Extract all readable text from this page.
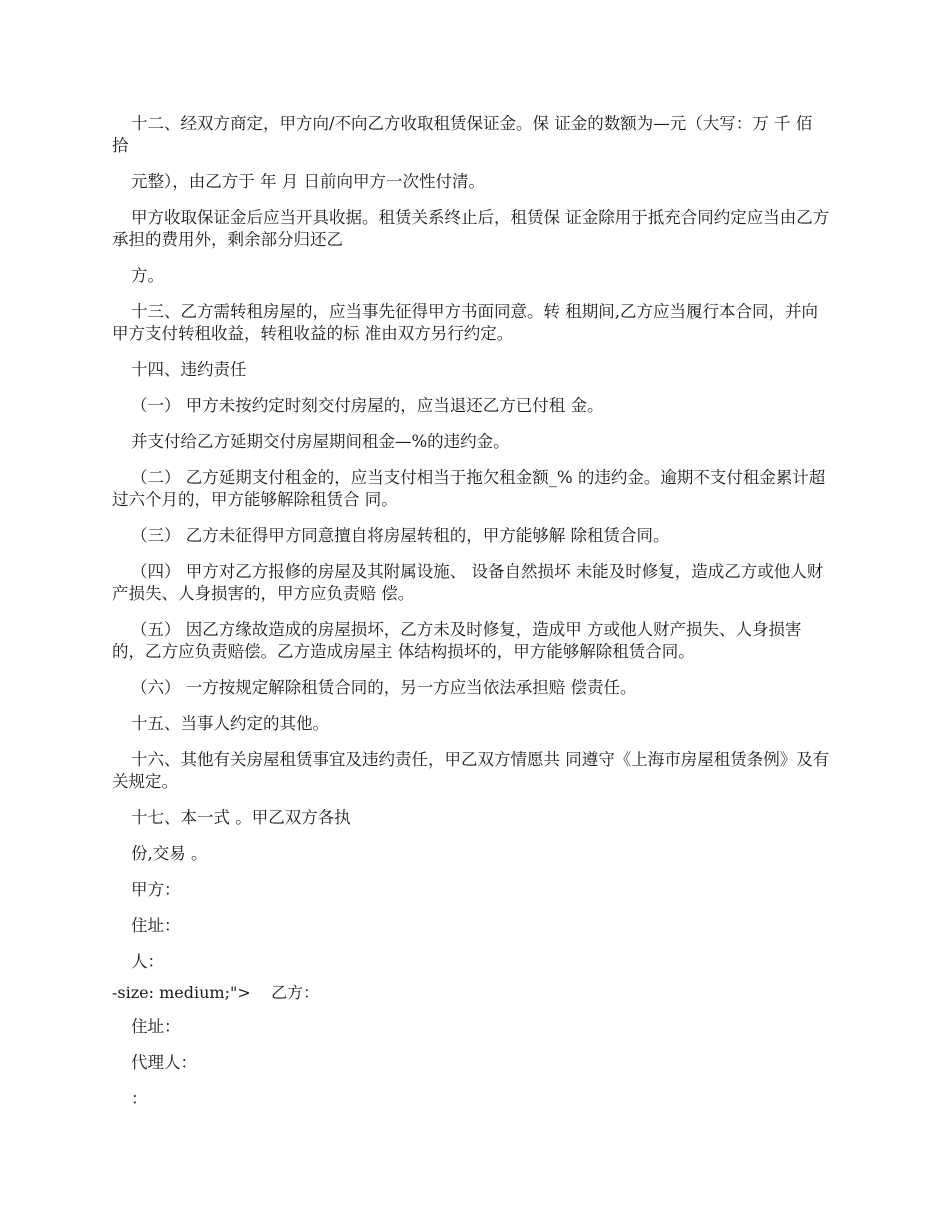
十二、经双方商定，甲方向/不向乙方收取租赁保证金。保 证金的数额为—元（大写：万 千 佰 拾

元整），由乙方于 年 月 日前向甲方一次性付清。

甲方收取保证金后应当开具收据。租赁关系终止后，租赁保 证金除用于抵充合同约定应当由乙方承担的费用外，剩余部分归还乙

方。

十三、乙方需转租房屋的，应当事先征得甲方书面同意。转 租期间,乙方应当履行本合同，并向甲方支付转租收益，转租收益的标 准由双方另行约定。

十四、违约责任

（一） 甲方未按约定时刻交付房屋的，应当退还乙方已付租 金。

并支付给乙方延期交付房屋期间租金—%的违约金。

（二） 乙方延期支付租金的，应当支付相当于拖欠租金额_% 的违约金。逾期不支付租金累计超过六个月的，甲方能够解除租赁合 同。

（三） 乙方未征得甲方同意擅自将房屋转租的，甲方能够解 除租赁合同。

（四） 甲方对乙方报修的房屋及其附属设施、 设备自然损坏 未能及时修复，造成乙方或他人财产损失、人身损害的，甲方应负责赔 偿。

（五） 因乙方缘故造成的房屋损坏，乙方未及时修复，造成甲 方或他人财产损失、人身损害的，乙方应负责赔偿。乙方造成房屋主 体结构损坏的，甲方能够解除租赁合同。

（六） 一方按规定解除租赁合同的，另一方应当依法承担赔 偿责任。

十五、当事人约定的其他。

十六、其他有关房屋租赁事宜及违约责任，甲乙双方情愿共 同遵守《上海市房屋租赁条例》及有关规定。

十七、本一式 。甲乙双方各执

份,交易 。

甲方：

住址：

人：

-size: medium;">    乙方：

住址：

代理人：

：
